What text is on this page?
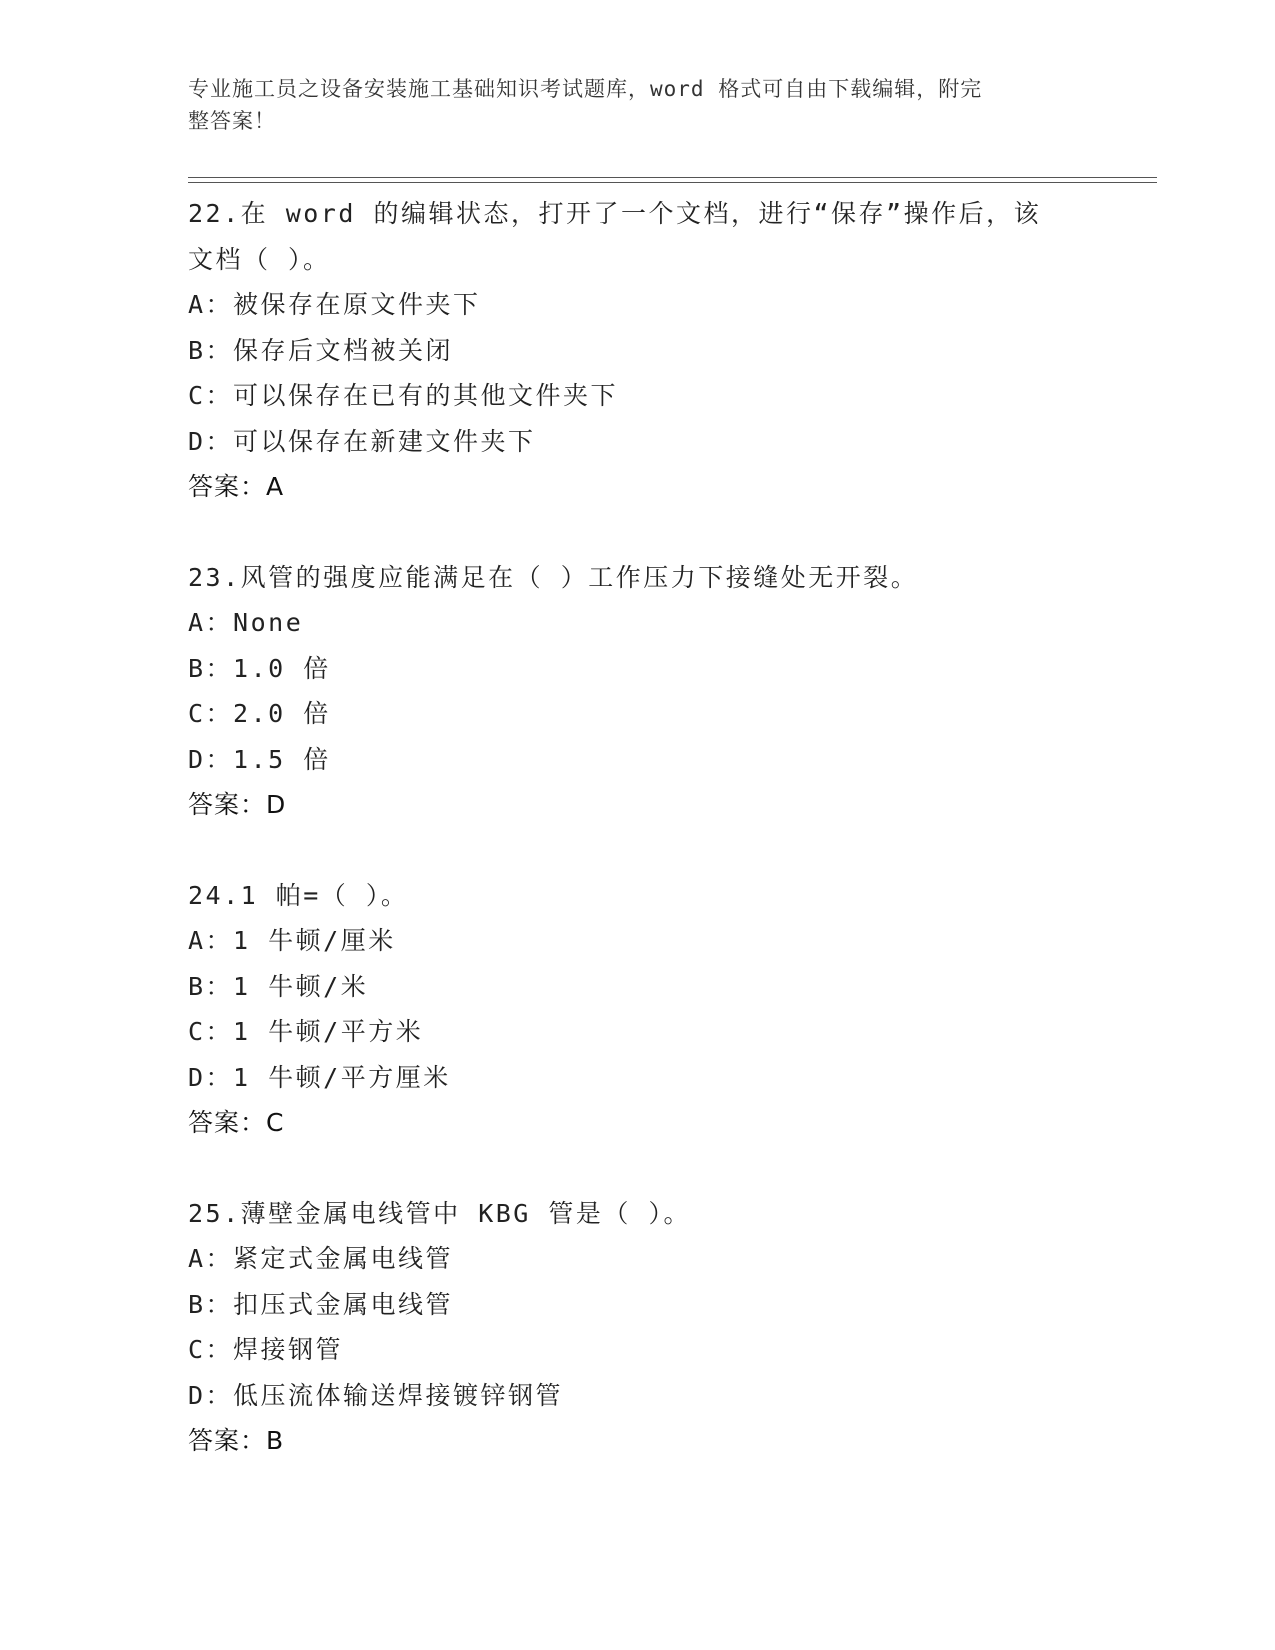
专业施工员之设备安装施工基础知识考试题库，word 格式可自由下载编辑，附完
整答案！

22.在 word 的编辑状态，打开了一个文档，进行“保存”操作后，该

文档（ ）。

A：被保存在原文件夹下

B：保存后文档被关闭

C：可以保存在已有的其他文件夹下

D：可以保存在新建文件夹下

答案：A

23.风管的强度应能满足在（ ）工作压力下接缝处无开裂。

A：None

B：1.0 倍

C：2.0 倍

D：1.5 倍

答案：D

24.1 帕=（ ）。

A：1 牛顿/厘米

B：1 牛顿/米

C：1 牛顿/平方米

D：1 牛顿/平方厘米

答案：C

25.薄壁金属电线管中 KBG 管是（ ）。

A：紧定式金属电线管

B：扣压式金属电线管

C：焊接钢管

D：低压流体输送焊接镀锌钢管

答案：B
